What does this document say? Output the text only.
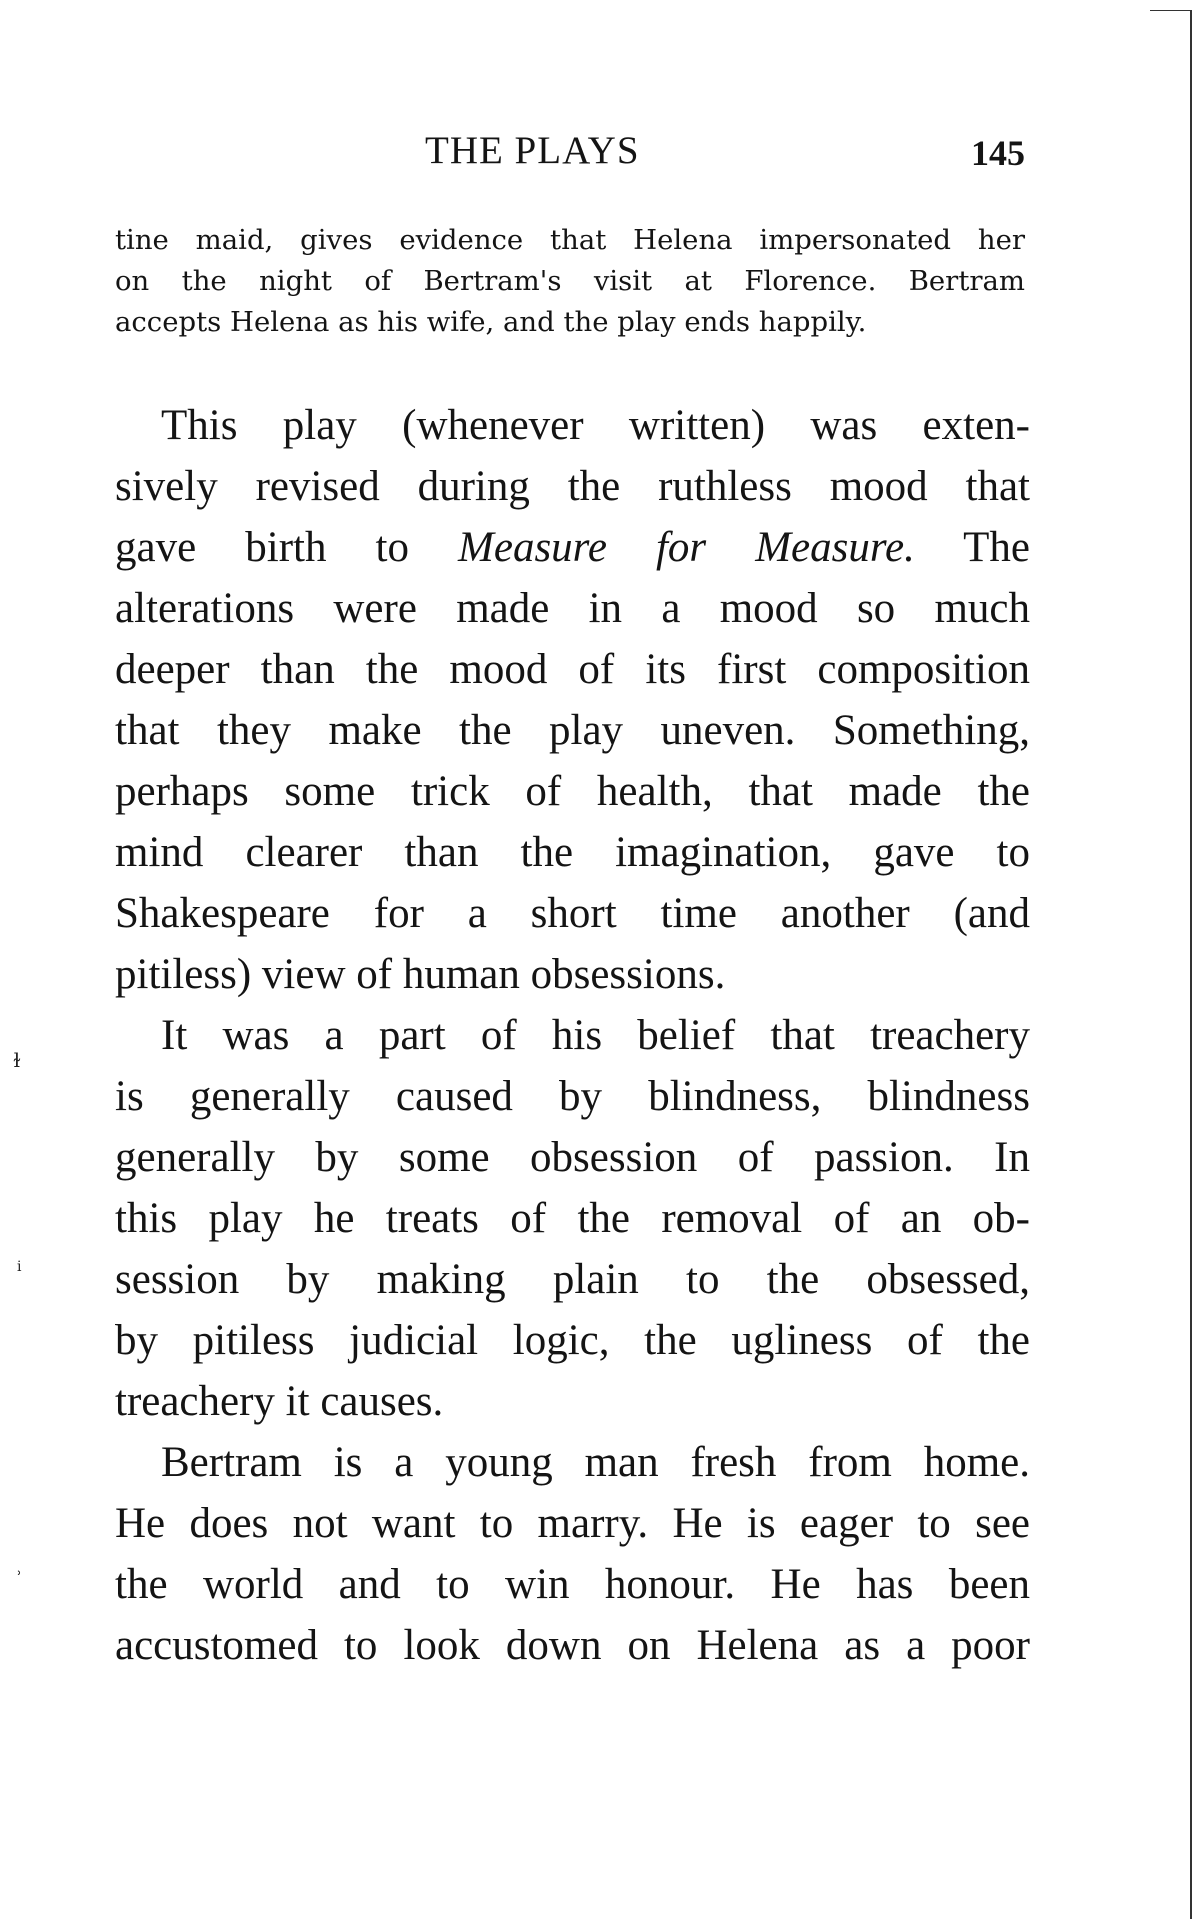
ɫ
ⅰ
ʾ
THE PLAYS	145
tine maid, gives evidence that Helena impersonated her
on the night of Bertram's visit at Florence. Bertram
accepts Helena as his wife, and the play ends happily.
This play (whenever written) was exten-
sively revised during the ruthless mood that
gave birth to Measure for Measure. The
alterations were made in a mood so much
deeper than the mood of its first composition
that they make the play uneven. Something,
perhaps some trick of health, that made the
mind clearer than the imagination, gave to
Shakespeare for a short time another (and
pitiless) view of human obsessions.
It was a part of his belief that treachery
is generally caused by blindness, blindness
generally by some obsession of passion. In
this play he treats of the removal of an ob-
session by making plain to the obsessed,
by pitiless judicial logic, the ugliness of the
treachery it causes.
Bertram is a young man fresh from home.
He does not want to marry. He is eager to see
the world and to win honour. He has been
accustomed to look down on Helena as a poor
